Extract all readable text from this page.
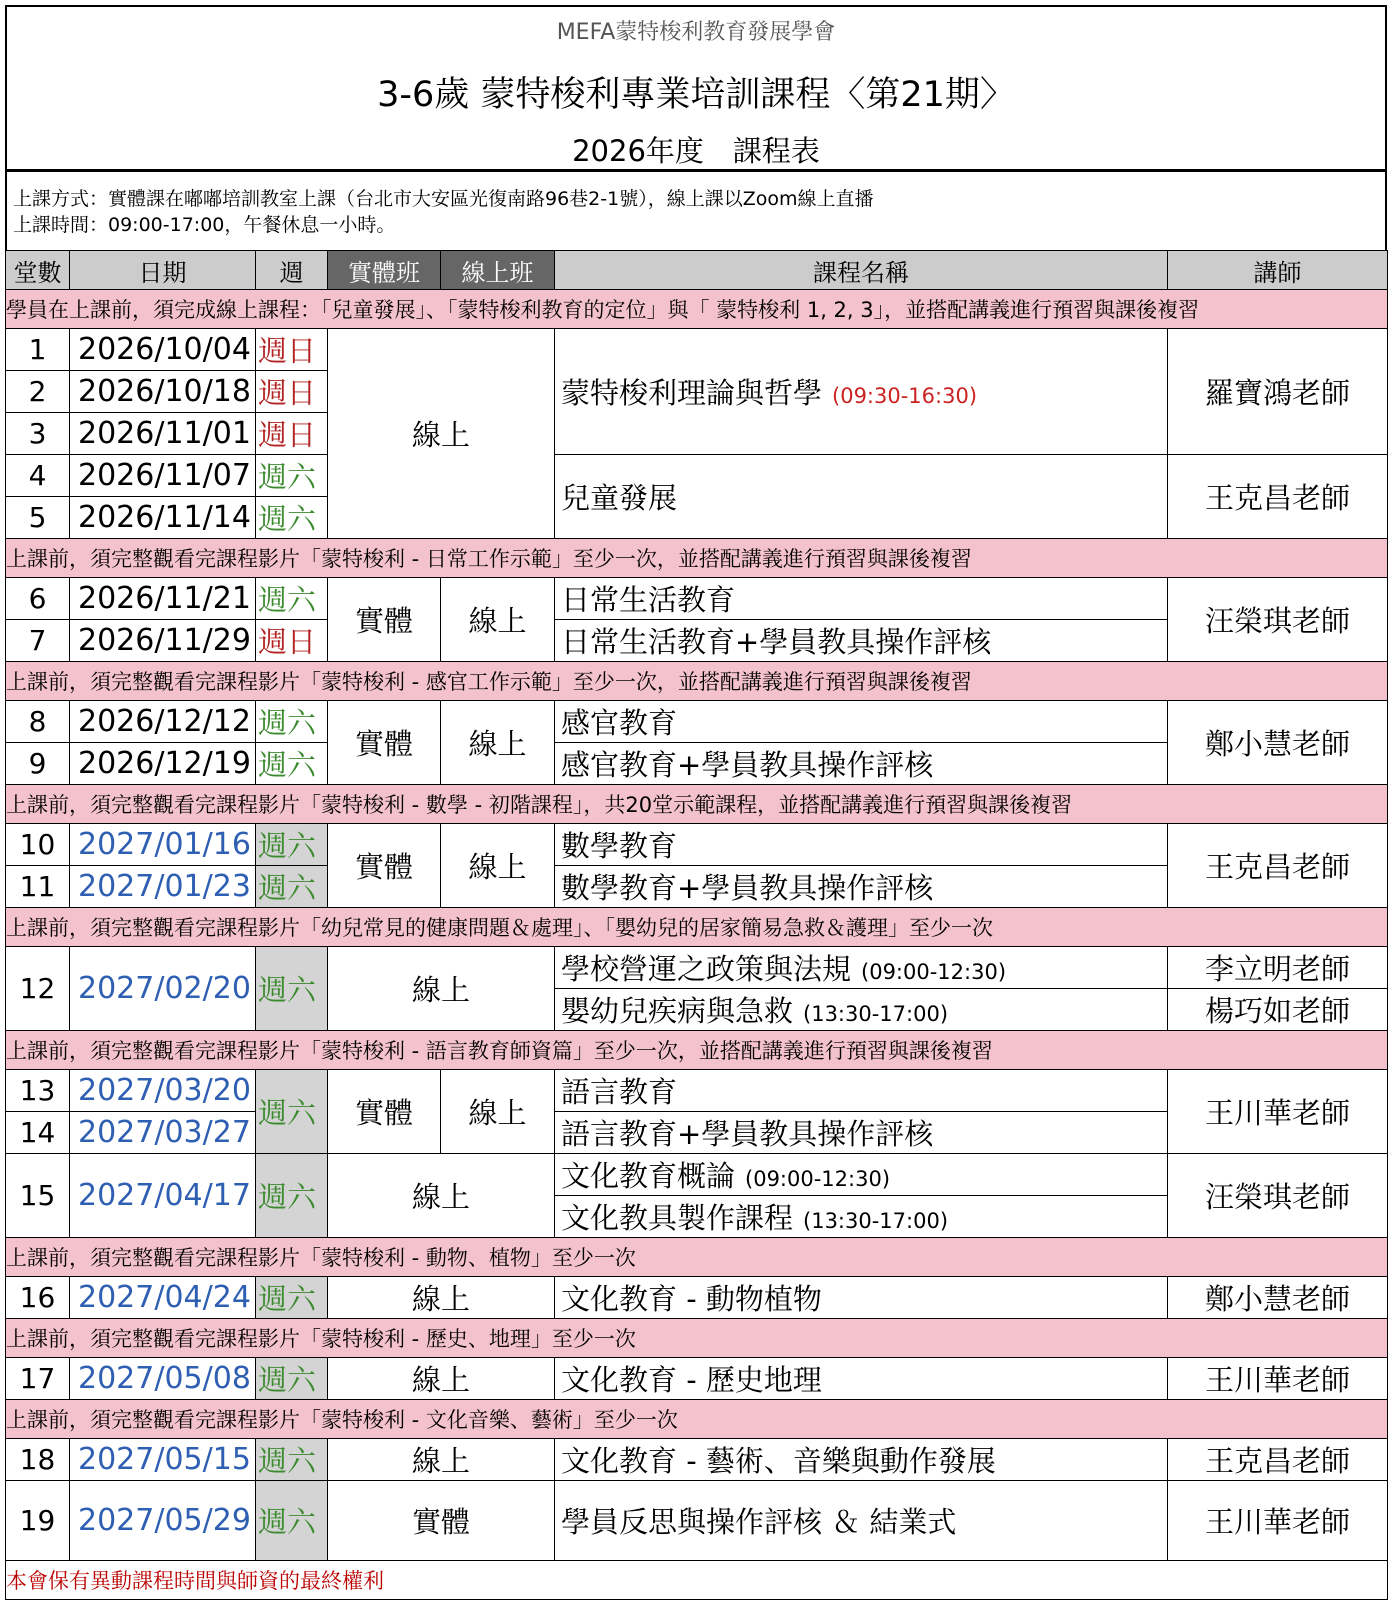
MEFA蒙特梭利教育發展學會
3-6歲 蒙特梭利專業培訓課程〈第21期〉
2026年度　課程表
上課方式：實體課在嘟嘟培訓教室上課（台北市大安區光復南路96巷2-1號），線上課以Zoom線上直播
上課時間：09:00-17:00，午餐休息一小時。
堂數	日期	週	實體班	線上班	課程名稱	講師
學員在上課前，須完成線上課程：「兒童發展」、「蒙特梭利教育的定位」與「 蒙特梭利 1, 2, 3」，並搭配講義進行預習與課後複習						
1	2026/10/04	週日	線上		蒙特梭利理論與哲學 (09:30-16:30)	羅寶鴻老師
2	2026/10/18	週日				
3	2026/11/01	週日				
4	2026/11/07	週六			兒童發展	王克昌老師
5	2026/11/14	週六				
上課前，須完整觀看完課程影片「蒙特梭利 - 日常工作示範」至少一次，並搭配講義進行預習與課後複習						
6	2026/11/21	週六	實體	線上	日常生活教育	汪榮琪老師
7	2026/11/29	週日			日常生活教育+學員教具操作評核	
上課前，須完整觀看完課程影片「蒙特梭利 - 感官工作示範」至少一次，並搭配講義進行預習與課後複習						
8	2026/12/12	週六	實體	線上	感官教育	鄭小慧老師
9	2026/12/19	週六			感官教育+學員教具操作評核	
上課前，須完整觀看完課程影片「蒙特梭利 - 數學 - 初階課程」，共20堂示範課程，並搭配講義進行預習與課後複習						
10	2027/01/16	週六	實體	線上	數學教育	王克昌老師
11	2027/01/23	週六			數學教育+學員教具操作評核	
上課前，須完整觀看完課程影片「幼兒常見的健康問題＆處理」、「嬰幼兒的居家簡易急救＆護理」至少一次						
12	2027/02/20	週六	線上		學校營運之政策與法規 (09:00-12:30)	李立明老師
					嬰幼兒疾病與急救 (13:30-17:00)	楊巧如老師
上課前，須完整觀看完課程影片「蒙特梭利 - 語言教育師資篇」至少一次，並搭配講義進行預習與課後複習						
13	2027/03/20	週六	實體	線上	語言教育	王川華老師
14	2027/03/27				語言教育+學員教具操作評核	
15	2027/04/17	週六	線上		文化教育概論 (09:00-12:30)	汪榮琪老師
					文化教具製作課程 (13:30-17:00)	
上課前，須完整觀看完課程影片「蒙特梭利 - 動物、植物」至少一次						
16	2027/04/24	週六	線上		文化教育 - 動物植物	鄭小慧老師
上課前，須完整觀看完課程影片「蒙特梭利 - 歷史、地理」至少一次						
17	2027/05/08	週六	線上		文化教育 - 歷史地理	王川華老師
上課前，須完整觀看完課程影片「蒙特梭利 - 文化音樂、藝術」至少一次						
18	2027/05/15	週六	線上		文化教育 - 藝術、音樂與動作發展	王克昌老師
19	2027/05/29	週六	實體		學員反思與操作評核 ＆ 結業式	王川華老師
本會保有異動課程時間與師資的最終權利						
